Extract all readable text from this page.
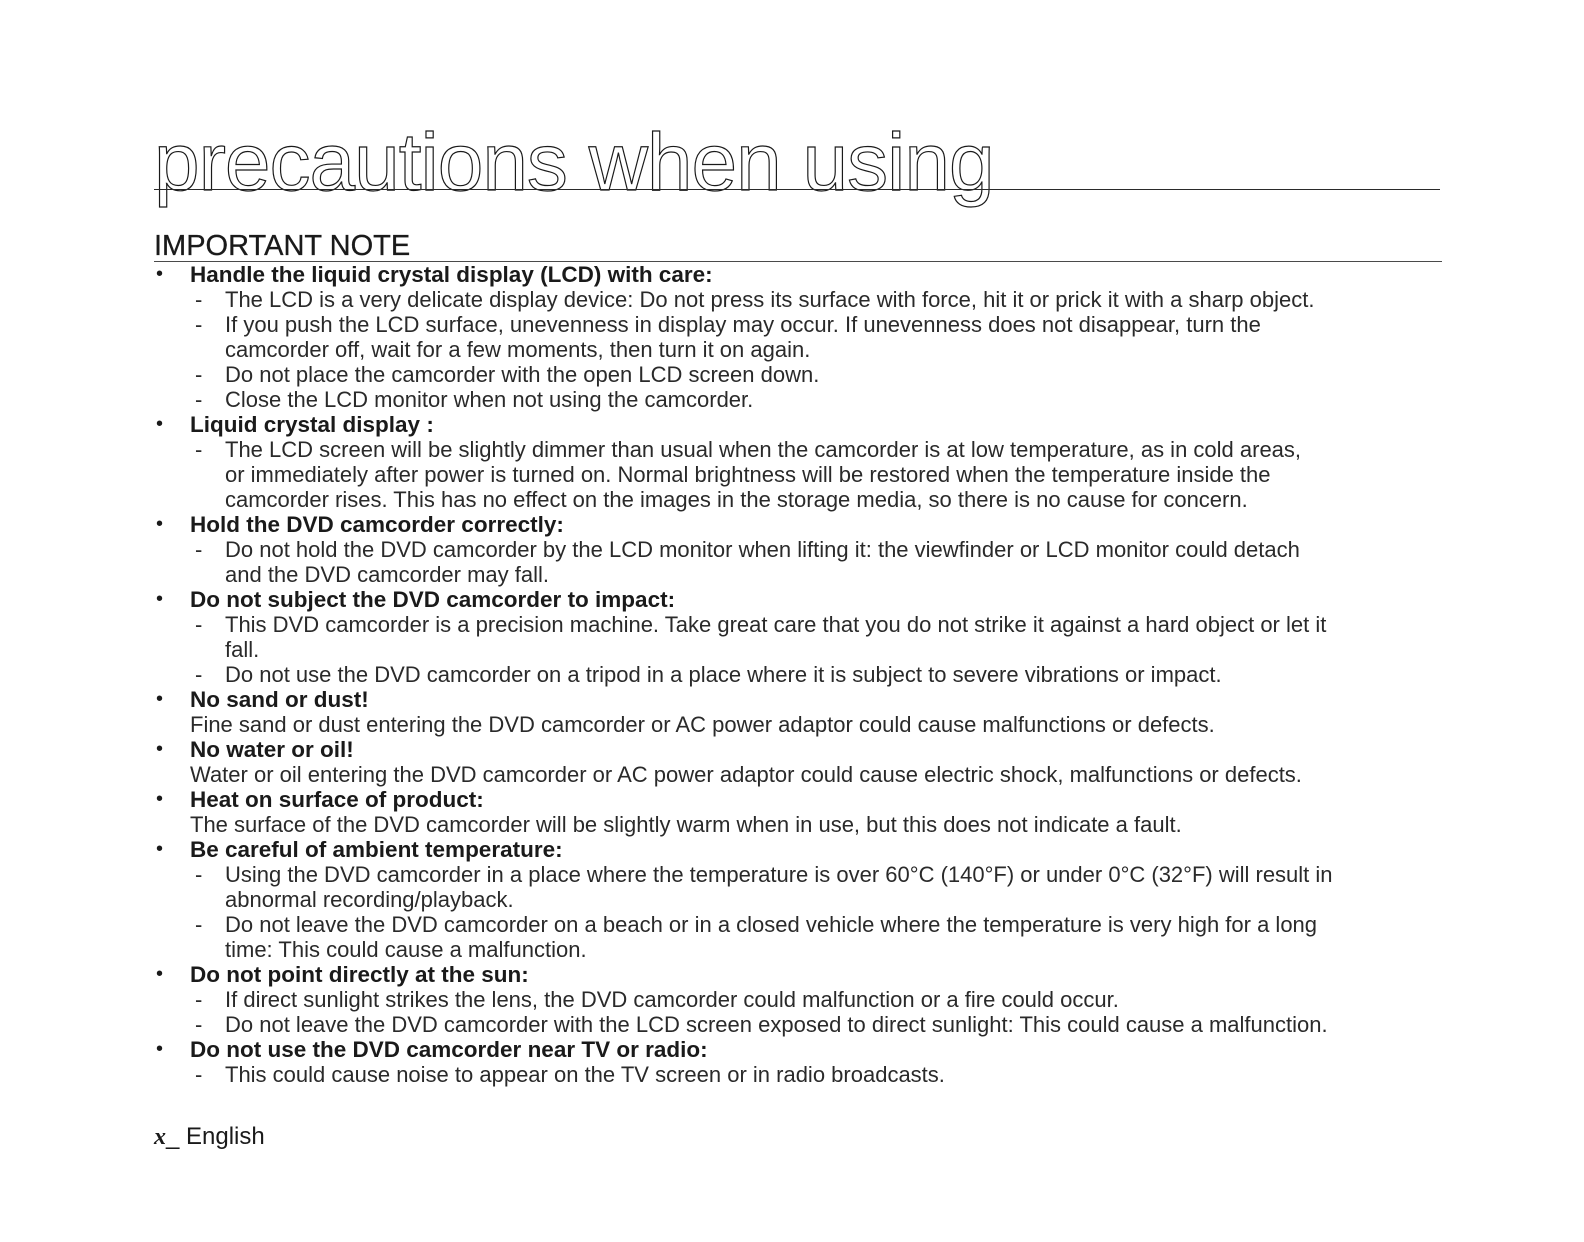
precautions when using
IMPORTANT NOTE
• Handle the liquid crystal display (LCD) with care:
- The LCD is a very delicate display device: Do not press its surface with force, hit it or prick it with a sharp object.
- If you push the LCD surface, unevenness in display may occur. If unevenness does not disappear, turn the
camcorder off, wait for a few moments, then turn it on again.
- Do not place the camcorder with the open LCD screen down.
- Close the LCD monitor when not using the camcorder.
• Liquid crystal display :
- The LCD screen will be slightly dimmer than usual when the camcorder is at low temperature, as in cold areas,
or immediately after power is turned on. Normal brightness will be restored when the temperature inside the
camcorder rises. This has no effect on the images in the storage media, so there is no cause for concern.
• Hold the DVD camcorder correctly:
- Do not hold the DVD camcorder by the LCD monitor when lifting it: the viewfinder or LCD monitor could detach
and the DVD camcorder may fall.
• Do not subject the DVD camcorder to impact:
- This DVD camcorder is a precision machine. Take great care that you do not strike it against a hard object or let it
fall.
- Do not use the DVD camcorder on a tripod in a place where it is subject to severe vibrations or impact.
• No sand or dust!
Fine sand or dust entering the DVD camcorder or AC power adaptor could cause malfunctions or defects.
• No water or oil!
Water or oil entering the DVD camcorder or AC power adaptor could cause electric shock, malfunctions or defects.
• Heat on surface of product:
The surface of the DVD camcorder will be slightly warm when in use, but this does not indicate a fault.
• Be careful of ambient temperature:
- Using the DVD camcorder in a place where the temperature is over 60°C (140°F) or under 0°C (32°F) will result in
abnormal recording/playback.
- Do not leave the DVD camcorder on a beach or in a closed vehicle where the temperature is very high for a long
time: This could cause a malfunction.
• Do not point directly at the sun:
- If direct sunlight strikes the lens, the DVD camcorder could malfunction or a fire could occur.
- Do not leave the DVD camcorder with the LCD screen exposed to direct sunlight: This could cause a malfunction.
• Do not use the DVD camcorder near TV or radio:
- This could cause noise to appear on the TV screen or in radio broadcasts.
x_ English
